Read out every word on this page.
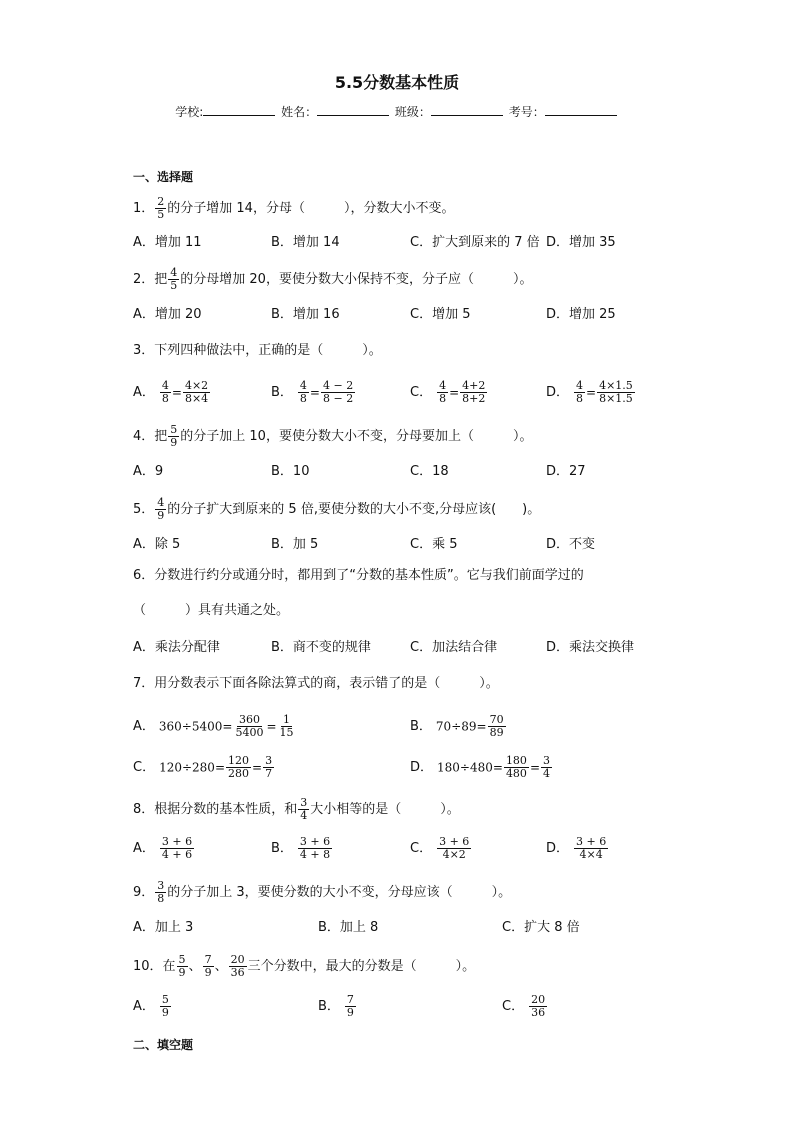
5.5分数基本性质
学校:	姓名：	班级：	考号：
一、选择题
1． $\frac{2}{5}$ 的分子增加 14，分母（　　　），分数大小不变。
A．增加 11	B．增加 14	C．扩大到原来的 7 倍 D．增加 35
2．把 $\frac{4}{5}$ 的分母增加 20，要使分数大小保持不变，分子应（　　　）。
A．增加 20	B．增加 16	C．增加 5	D．增加 25
3．下列四种做法中，正确的是（　　　）。
A． $\frac{4}{8} = \frac{4\times 2}{8\times 4}$	B． $\frac{4}{8} = \frac{4 - 2}{8 - 2}$	C． $\frac{4}{8} = \frac{4+2}{8+2}$	D． $\frac{4}{8} = \frac{4\times 1.5}{8\times 1.5}$
4．把 $\frac{5}{9}$ 的分子加上 10，要使分数大小不变，分母要加上（　　　）。
A．9	B．10	C．18	D．27
5． $\frac{4}{9}$ 的分子扩大到原来的 5 倍,要使分数的大小不变,分母应该(　　)。
A．除 5	B．加 5	C．乘 5	D．不变
6．分数进行约分或通分时，都用到了“分数的基本性质”。它与我们前面学过的
（　　　）具有共通之处。
A．乘法分配律	B．商不变的规律	C．加法结合律	D．乘法交换律
7．用分数表示下面各除法算式的商，表示错了的是（　　　）。
A． $360\div 5400= \frac{360}{5400} = \frac{1}{15}$	B． $70\div 89= \frac{70}{89}$
C． $120\div 280= \frac{120}{280} = \frac{3}{7}$	D． $180\div 480= \frac{180}{480} = \frac{3}{4}$
8．根据分数的基本性质，和 $\frac{3}{4}$ 大小相等的是（　　　）。
A． $\frac{3 + 6}{4 + 6}$	B． $\frac{3 + 6}{4 + 8}$	C． $\frac{3 + 6}{4\times 2}$	D． $\frac{3 + 6}{4\times 4}$
9． $\frac{3}{8}$ 的分子加上 3，要使分数的大小不变，分母应该（　　　）。
A．加上 3	B．加上 8	C．扩大 8 倍
10．在 $\frac{5}{9}$ 、 $\frac{7}{9}$ 、 $\frac{20}{36}$ 三个分数中，最大的分数是（　　　）。
A． $\frac{5}{9}$	B． $\frac{7}{9}$	C． $\frac{20}{36}$
二、填空题
